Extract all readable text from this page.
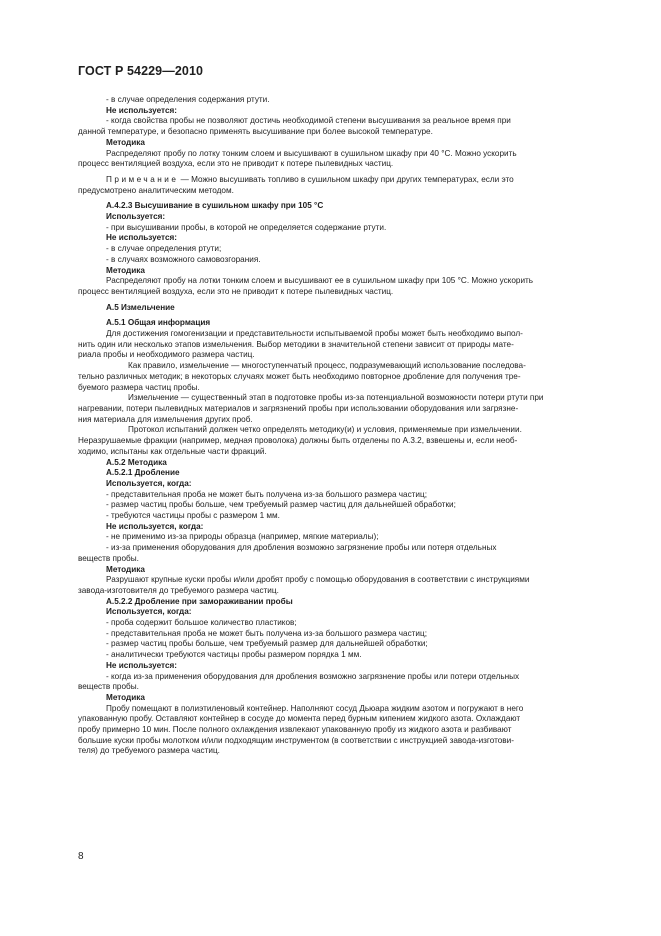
ГОСТ Р 54229—2010

- в случае определения содержания ртути.

Не используется:

- когда свойства пробы не позволяют достичь необходимой степени высушивания за реальное время при

данной температуре, и безопасно применять высушивание при более высокой температуре.

Методика

Распределяют пробу по лотку тонким слоем и высушивают в сушильном шкафу при 40 °С. Можно ускорить

процесс вентиляцией воздуха, если это не приводит к потере пылевидных частиц.

Примечание — Можно высушивать топливо в сушильном шкафу при других температурах, если это

предусмотрено аналитическим методом.

А.4.2.3 Высушивание в сушильном шкафу при 105 °С

Используется:

- при высушивании пробы, в которой не определяется содержание ртути.

Не используется:

- в случае определения ртути;

- в случаях возможного самовозгорания.

Методика

Распределяют пробу на лотки тонким слоем и высушивают ее в сушильном шкафу при 105 °С. Можно ускорить

процесс вентиляцией воздуха, если это не приводит к потере пылевидных частиц.

А.5 Измельчение

А.5.1 Общая информация

Для достижения гомогенизации и представительности испытываемой пробы может быть необходимо выпол-

нить один или несколько этапов измельчения. Выбор методики в значительной степени зависит от природы мате-

риала пробы и необходимого размера частиц.

Как правило, измельчение — многоступенчатый процесс, подразумевающий использование последова-

тельно различных методик; в некоторых случаях может быть необходимо повторное дробление для получения тре-

буемого размера частиц пробы.

Измельчение — существенный этап в подготовке пробы из-за потенциальной возможности потери ртути при

нагревании, потери пылевидных материалов и загрязнений пробы при использовании оборудования или загрязне-

ния материала для измельчения других проб.

Протокол испытаний должен четко определять методику(и) и условия, применяемые при измельчении.

Неразрушаемые фракции (например, медная проволока) должны быть отделены по А.3.2, взвешены и, если необ-

ходимо, испытаны как отдельные части фракций.

А.5.2 Методика

А.5.2.1 Дробление

Используется, когда:

- представительная проба не может быть получена из-за большого размера частиц;

- размер частиц пробы больше, чем требуемый размер частиц для дальнейшей обработки;

- требуются частицы пробы с размером 1 мм.

Не используется, когда:

- не применимо из-за природы образца (например, мягкие материалы);

- из-за применения оборудования для дробления возможно загрязнение пробы или потеря отдельных

веществ пробы.

Методика

Разрушают крупные куски пробы и/или дробят пробу с помощью оборудования в соответствии с инструкциями

завода-изготовителя до требуемого размера частиц.

А.5.2.2 Дробление при замораживании пробы

Используется, когда:

- проба содержит большое количество пластиков;

- представительная проба не может быть получена из-за большого размера частиц;

- размер частиц пробы больше, чем требуемый размер для дальнейшей обработки;

- аналитически требуются частицы пробы размером порядка 1 мм.

Не используется:

- когда из-за применения оборудования для дробления возможно загрязнение пробы или потери отдельных

веществ пробы.

Методика

Пробу помещают в полиэтиленовый контейнер. Наполняют сосуд Дьюара жидким азотом и погружают в него

упакованную пробу. Оставляют контейнер в сосуде до момента перед бурным кипением жидкого азота. Охлаждают

пробу примерно 10 мин. После полного охлаждения извлекают упакованную пробу из жидкого азота и разбивают

большие куски пробы молотком и/или подходящим инструментом (в соответствии с инструкцией завода-изготови-

теля) до требуемого размера частиц.

8
